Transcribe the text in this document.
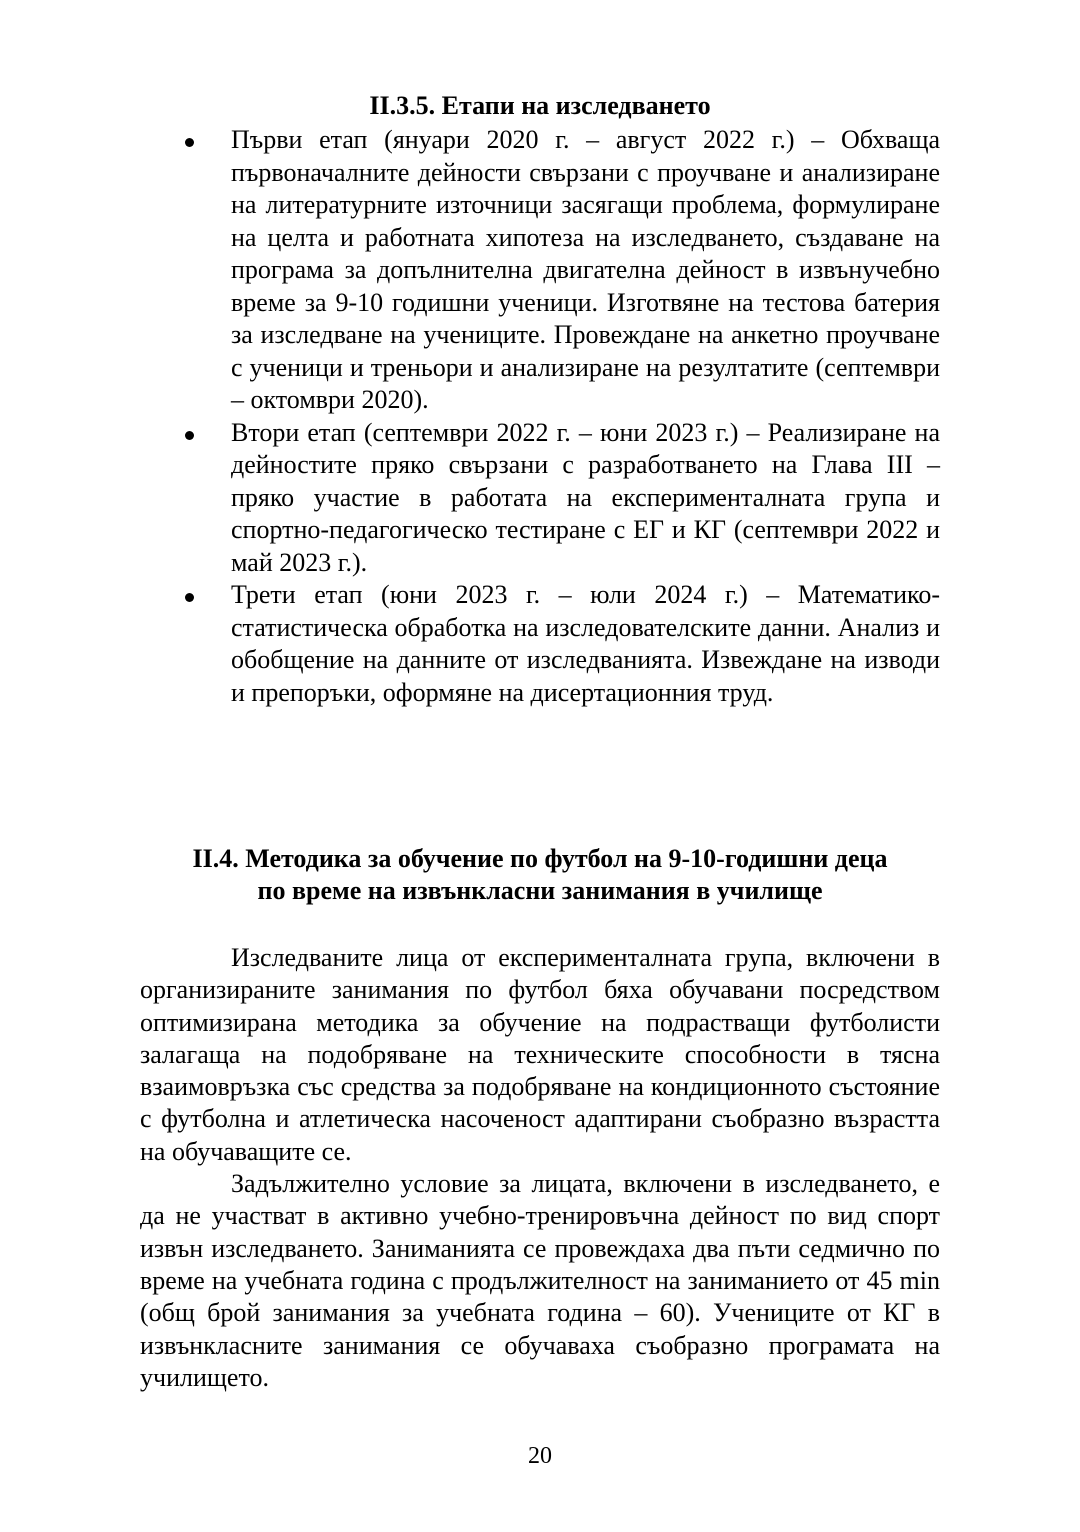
II.3.5. Етапи на изследването
Първи етап (януари 2020 г. – август 2022 г.) – Обхваща първоначалните дейности свързани с проучване и анализиране на литературните източници засягащи проблема, формулиране на целта и работната хипотеза на изследването, създаване на програма за допълнителна двигателна дейност в извънучебно време за 9-10 годишни ученици. Изготвяне на тестова батерия за изследване на учениците. Провеждане на анкетно проучване с ученици и треньори и анализиране на резултатите (септември – октомври 2020).
Втори етап (септември 2022 г. – юни 2023 г.) – Реализиране на дейностите пряко свързани с разработването на Глава III – пряко участие в работата на експерименталната група и спортно-педагогическо тестиране с ЕГ и КГ (септември 2022 и май 2023 г.).
Трети етап (юни 2023 г. – юли 2024 г.) – Математико-статистическа обработка на изследователските данни. Анализ и обобщение на данните от изследванията. Извеждане на изводи и препоръки, оформяне на дисертационния труд.
II.4. Методика за обучение по футбол на 9-10-годишни деца
по време на извънкласни занимания в училище

Изследваните лица от експерименталната група, включени в организираните занимания по футбол бяха обучавани посредством оптимизирана методика за обучение на подрастващи футболисти залагаща на подобряване на техническите способности в тясна взаимовръзка със средства за подобряване на кондиционното състояние с футболна и атлетическа насоченост адаптирани съобразно възрастта на обучаващите се.

Задължително условие за лицата, включени в изследването, е да не участват в активно учебно-тренировъчна дейност по вид спорт извън изследването. Заниманията се провеждаха два пъти седмично по време на учебната година с продължителност на заниманието от 45 min (общ брой занимания за учебната година – 60). Учениците от КГ в извънкласните занимания се обучаваха съобразно програмата на училището.

20
